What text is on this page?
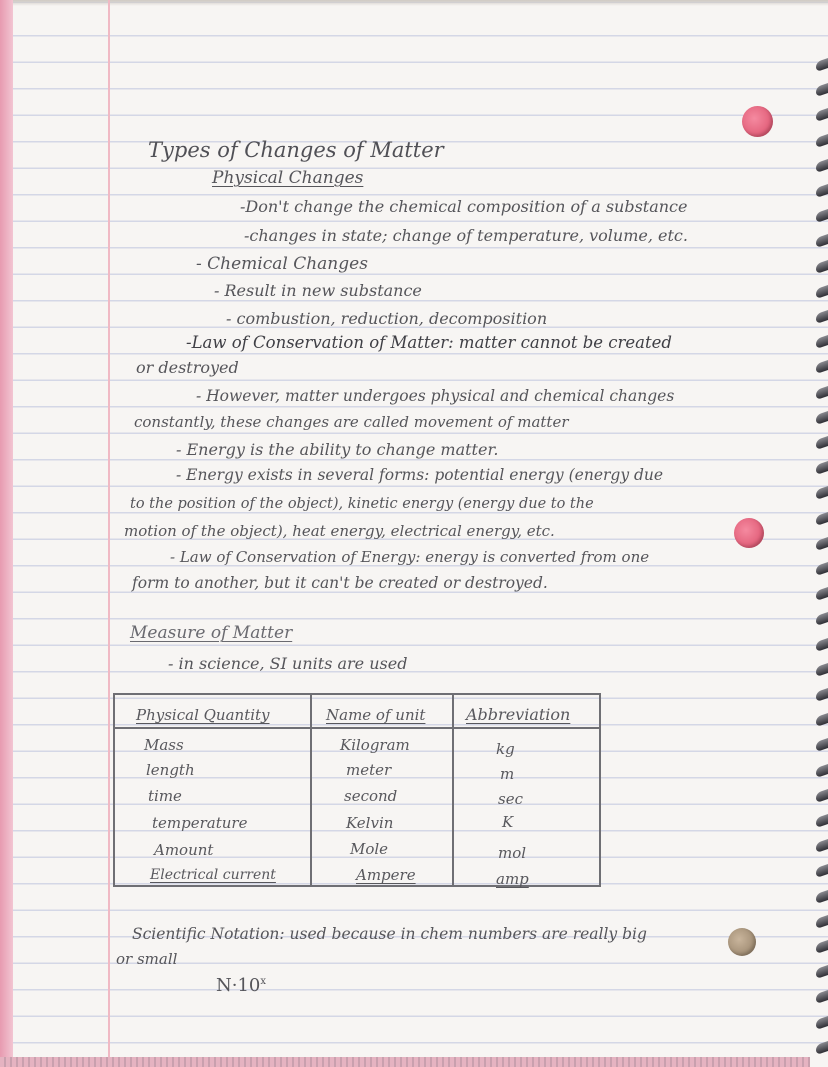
Types of Changes of Matter
Physical Changes
-Don't change the chemical composition of a substance
-changes in state; change of temperature, volume, etc.
- Chemical Changes
- Result in new substance
- combustion, reduction, decomposition
-Law of Conservation of Matter: matter cannot be created
or destroyed
- However, matter undergoes physical and chemical changes
constantly, these changes are called movement of matter
- Energy is the ability to change matter.
- Energy exists in several forms: potential energy (energy due
to the position of the object), kinetic energy (energy due to the
motion of the object), heat energy, electrical energy, etc.
- Law of Conservation of Energy: energy is converted from one
form to another, but it can't be created or destroyed.
Measure of Matter
- in science, SI units are used
Physical Quantity	Name of unit	Abbreviation
Mass	Kilogram	kg
length	meter	m
time	second	sec
temperature	Kelvin	K
Amount	Mole	mol
Electrical current	Ampere	amp
Scientific Notation: used because in chem numbers are really big
or small
$N\cdot 10^x$
